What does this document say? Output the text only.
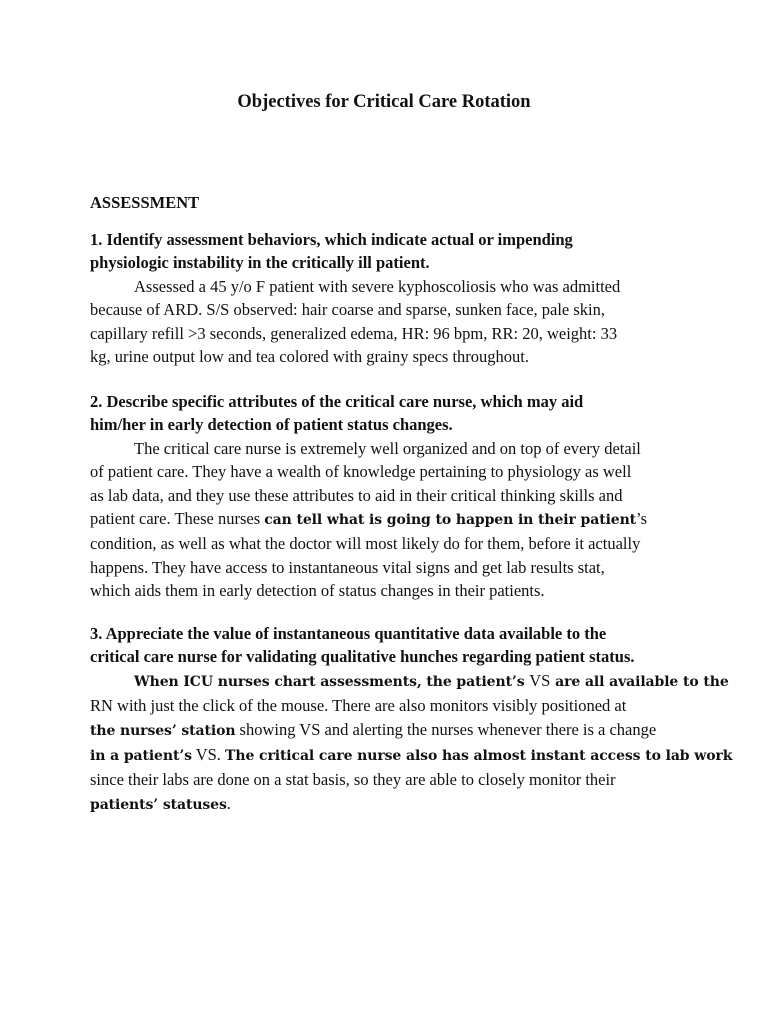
Objectives for Critical Care Rotation
ASSESSMENT

1. Identify assessment behaviors, which indicate actual or impending

physiologic instability in the critically ill patient.

Assessed a 45 y/o F patient with severe kyphoscoliosis who was admitted

because of ARD. S/S observed: hair coarse and sparse, sunken face, pale skin,

capillary refill >3 seconds, generalized edema, HR: 96 bpm, RR: 20, weight: 33

kg, urine output low and tea colored with grainy specs throughout.

2. Describe specific attributes of the critical care nurse, which may aid

him/her in early detection of patient status changes.

The critical care nurse is extremely well organized and on top of every detail

of patient care. They have a wealth of knowledge pertaining to physiology as well

as lab data, and they use these attributes to aid in their critical thinking skills and

patient care. These nurses can tell what is going to happen in their patient’s

condition, as well as what the doctor will most likely do for them, before it actually

happens. They have access to instantaneous vital signs and get lab results stat,

which aids them in early detection of status changes in their patients.

3. Appreciate the value of instantaneous quantitative data available to the

critical care nurse for validating qualitative hunches regarding patient status.

When ICU nurses chart assessments, the patient’s VS are all available to the

RN with just the click of the mouse. There are also monitors visibly positioned at

the nurses’ station showing VS and alerting the nurses whenever there is a change

in a patient’s VS. The critical care nurse also has almost instant access to lab work

since their labs are done on a stat basis, so they are able to closely monitor their

patients’ statuses.
